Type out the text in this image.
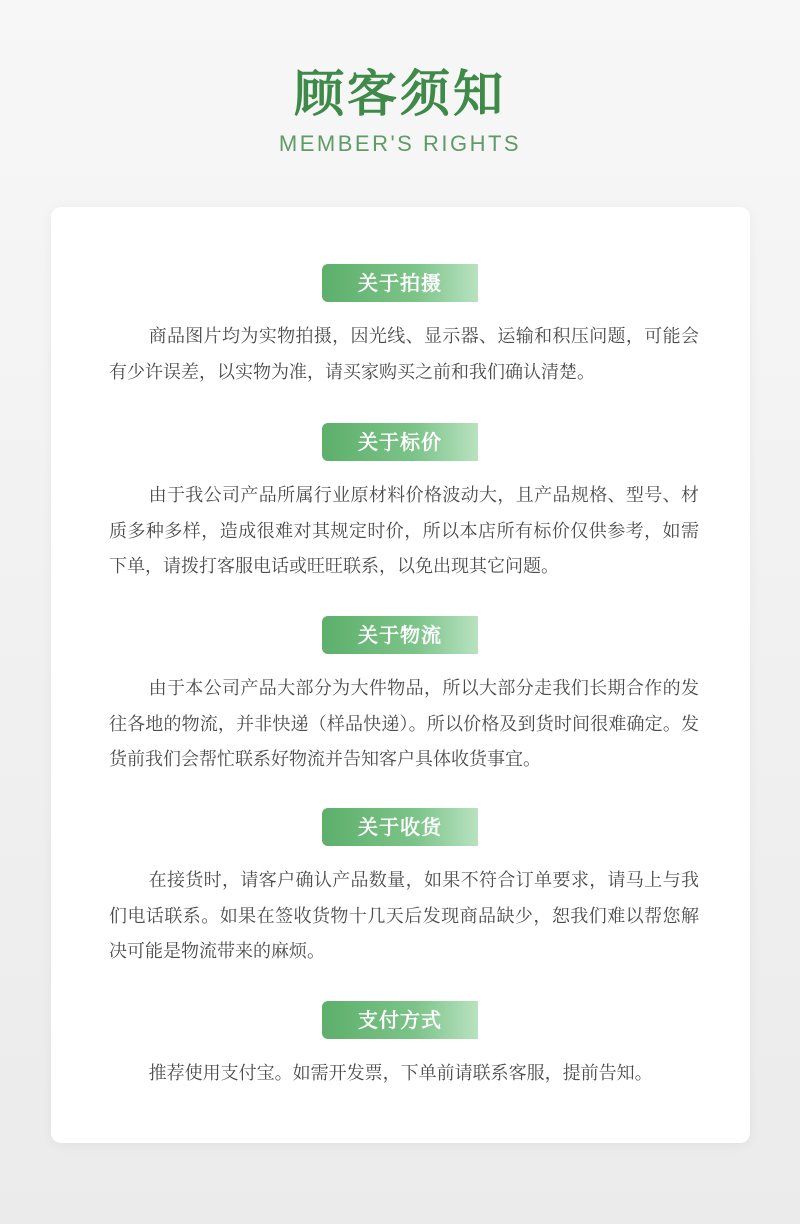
顾客须知
MEMBER'S RIGHTS
关于拍摄

商品图片均为实物拍摄，因光线、显示器、运输和积压问题，可能会有少许误差，以实物为准，请买家购买之前和我们确认清楚。

关于标价

由于我公司产品所属行业原材料价格波动大，且产品规格、型号、材质多种多样，造成很难对其规定时价，所以本店所有标价仅供参考，如需下单，请拨打客服电话或旺旺联系，以免出现其它问题。

关于物流

由于本公司产品大部分为大件物品，所以大部分走我们长期合作的发往各地的物流，并非快递（样品快递）。所以价格及到货时间很难确定。发货前我们会帮忙联系好物流并告知客户具体收货事宜。

关于收货

在接货时，请客户确认产品数量，如果不符合订单要求，请马上与我们电话联系。如果在签收货物十几天后发现商品缺少，恕我们难以帮您解决可能是物流带来的麻烦。

支付方式

推荐使用支付宝。如需开发票，下单前请联系客服，提前告知。
